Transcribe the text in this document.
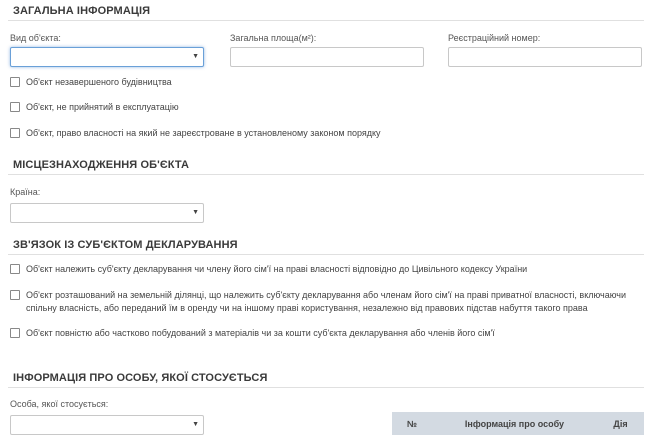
ЗАГАЛЬНА ІНФОРМАЦІЯ
Вид об'єкта:
▼
Загальна площа(м²):	Реєстраційний номер:
Об'єкт незавершеного будівництва
Об'єкт, не прийнятий в експлуатацію
Об'єкт, право власності на який не зареєстроване в установленому законом порядку
МІСЦЕЗНАХОДЖЕННЯ ОБ'ЄКТА
Країна:
▼
ЗВ'ЯЗОК ІЗ СУБ'ЄКТОМ ДЕКЛАРУВАННЯ
Об'єкт належить суб'єкту декларування чи члену його сім'ї на праві власності відповідно до Цивільного кодексу України
Об'єкт розташований на земельній ділянці, що належить суб'єкту декларування або членам його сім'ї на праві приватної власності, включаючи спільну власність, або переданий їм в оренду чи на іншому праві користування, незалежно від правових підстав набуття такого права
Об'єкт повністю або частково побудований з матеріалів чи за кошти суб'єкта декларування або членів його сім'ї
ІНФОРМАЦІЯ ПРО ОСОБУ, ЯКОЇ СТОСУЄТЬСЯ
Особа, якої стосується:
▼	№	Інформація про особу	Дія
